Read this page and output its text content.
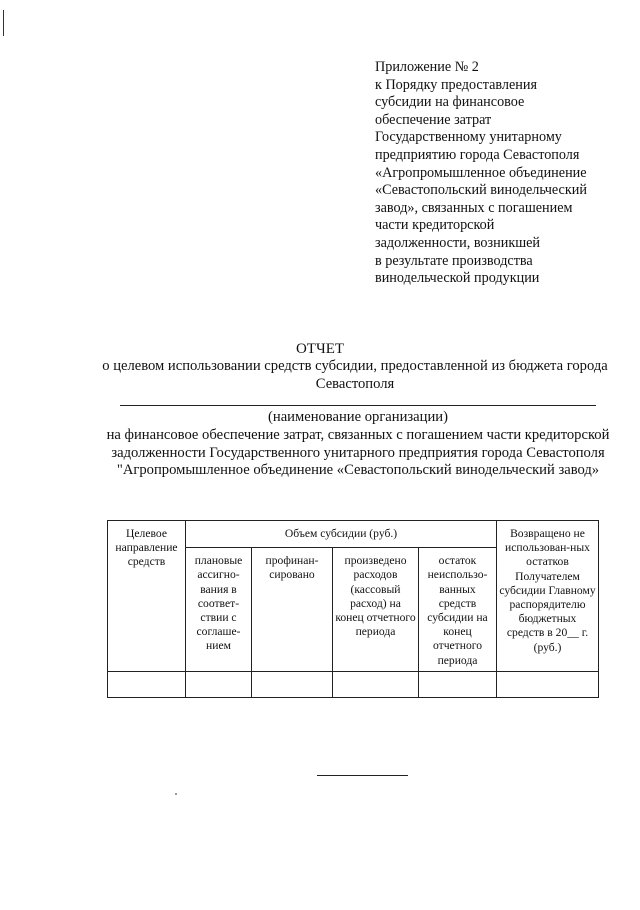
Приложение № 2
к Порядку предоставления
субсидии на финансовое
обеспечение затрат
Государственному унитарному
предприятию города Севастополя
«Агропромышленное объединение
«Севастопольский винодельческий
завод», связанных с погашением
части кредиторской
задолженности, возникшей
в результате производства
винодельческой продукции
ОТЧЕТ
о целевом использовании средств субсидии, предоставленной из бюджета города Севастополя
(наименование организации)
на финансовое обеспечение затрат, связанных с погашением части кредиторской задолженности Государственного унитарного предприятия города Севастополя "Агропромышленное объединение «Севастопольский винодельческий завод»
Целевое направление средств	Объем субсидии (руб.)				Возвращено не использован-ных остатков Получателем субсидии Главному распорядителю бюджетных средств в 20__ г. (руб.)
	плановые ассигно-вания в соотвeт-ствии с соглаше-нием	профинан-сировано	произведено расходов (кассовый расход) на конец отчетного периода	остаток неиспользо-ванных средств субсидии на конец отчетного периода	
